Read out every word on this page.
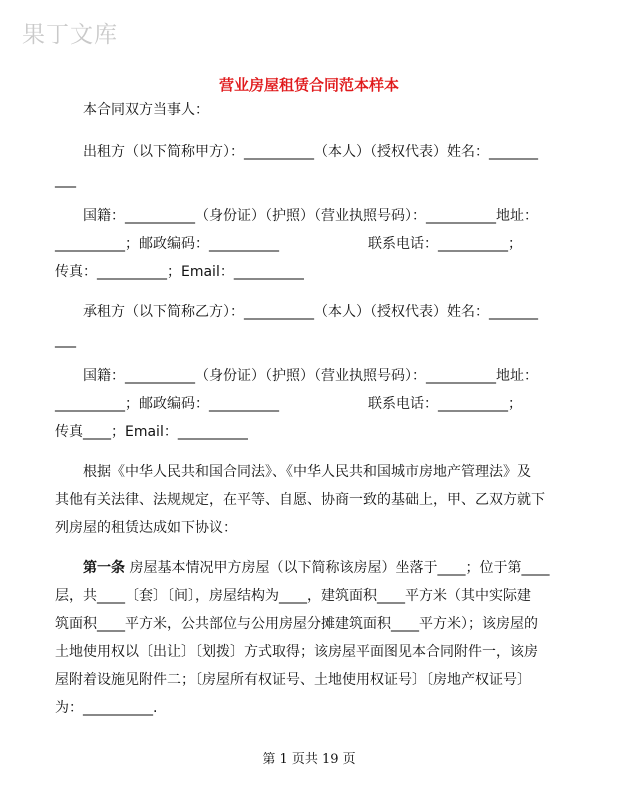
果丁文库
营业房屋租赁合同范本样本
本合同双方当事人：
出租方（以下简称甲方）：__________（本人）（授权代表）姓名：_______
___
国籍：__________（身份证）（护照）（营业执照号码）：__________地址：
__________；邮政编码：__________                    联系电话：__________；
传真：__________；Email：__________
承租方（以下简称乙方）：__________（本人）（授权代表）姓名：_______
___
国籍：__________（身份证）（护照）（营业执照号码）：__________地址：
__________；邮政编码：__________                    联系电话：__________；
传真____；Email：__________
根据《中华人民共和国合同法》、《中华人民共和国城市房地产管理法》及
其他有关法律、法规规定，在平等、自愿、协商一致的基础上，甲、乙双方就下
列房屋的租赁达成如下协议：
第一条 房屋基本情况甲方房屋（以下简称该房屋）坐落于____；位于第____
层，共____〔套〕〔间〕，房屋结构为____，建筑面积____平方米（其中实际建
筑面积____平方米，公共部位与公用房屋分摊建筑面积____平方米）；该房屋的
土地使用权以〔出让〕〔划拨〕方式取得；该房屋平面图见本合同附件一，该房
屋附着设施见附件二；〔房屋所有权证号、土地使用权证号〕〔房地产权证号〕
为：__________.
第 1 页共 19 页
